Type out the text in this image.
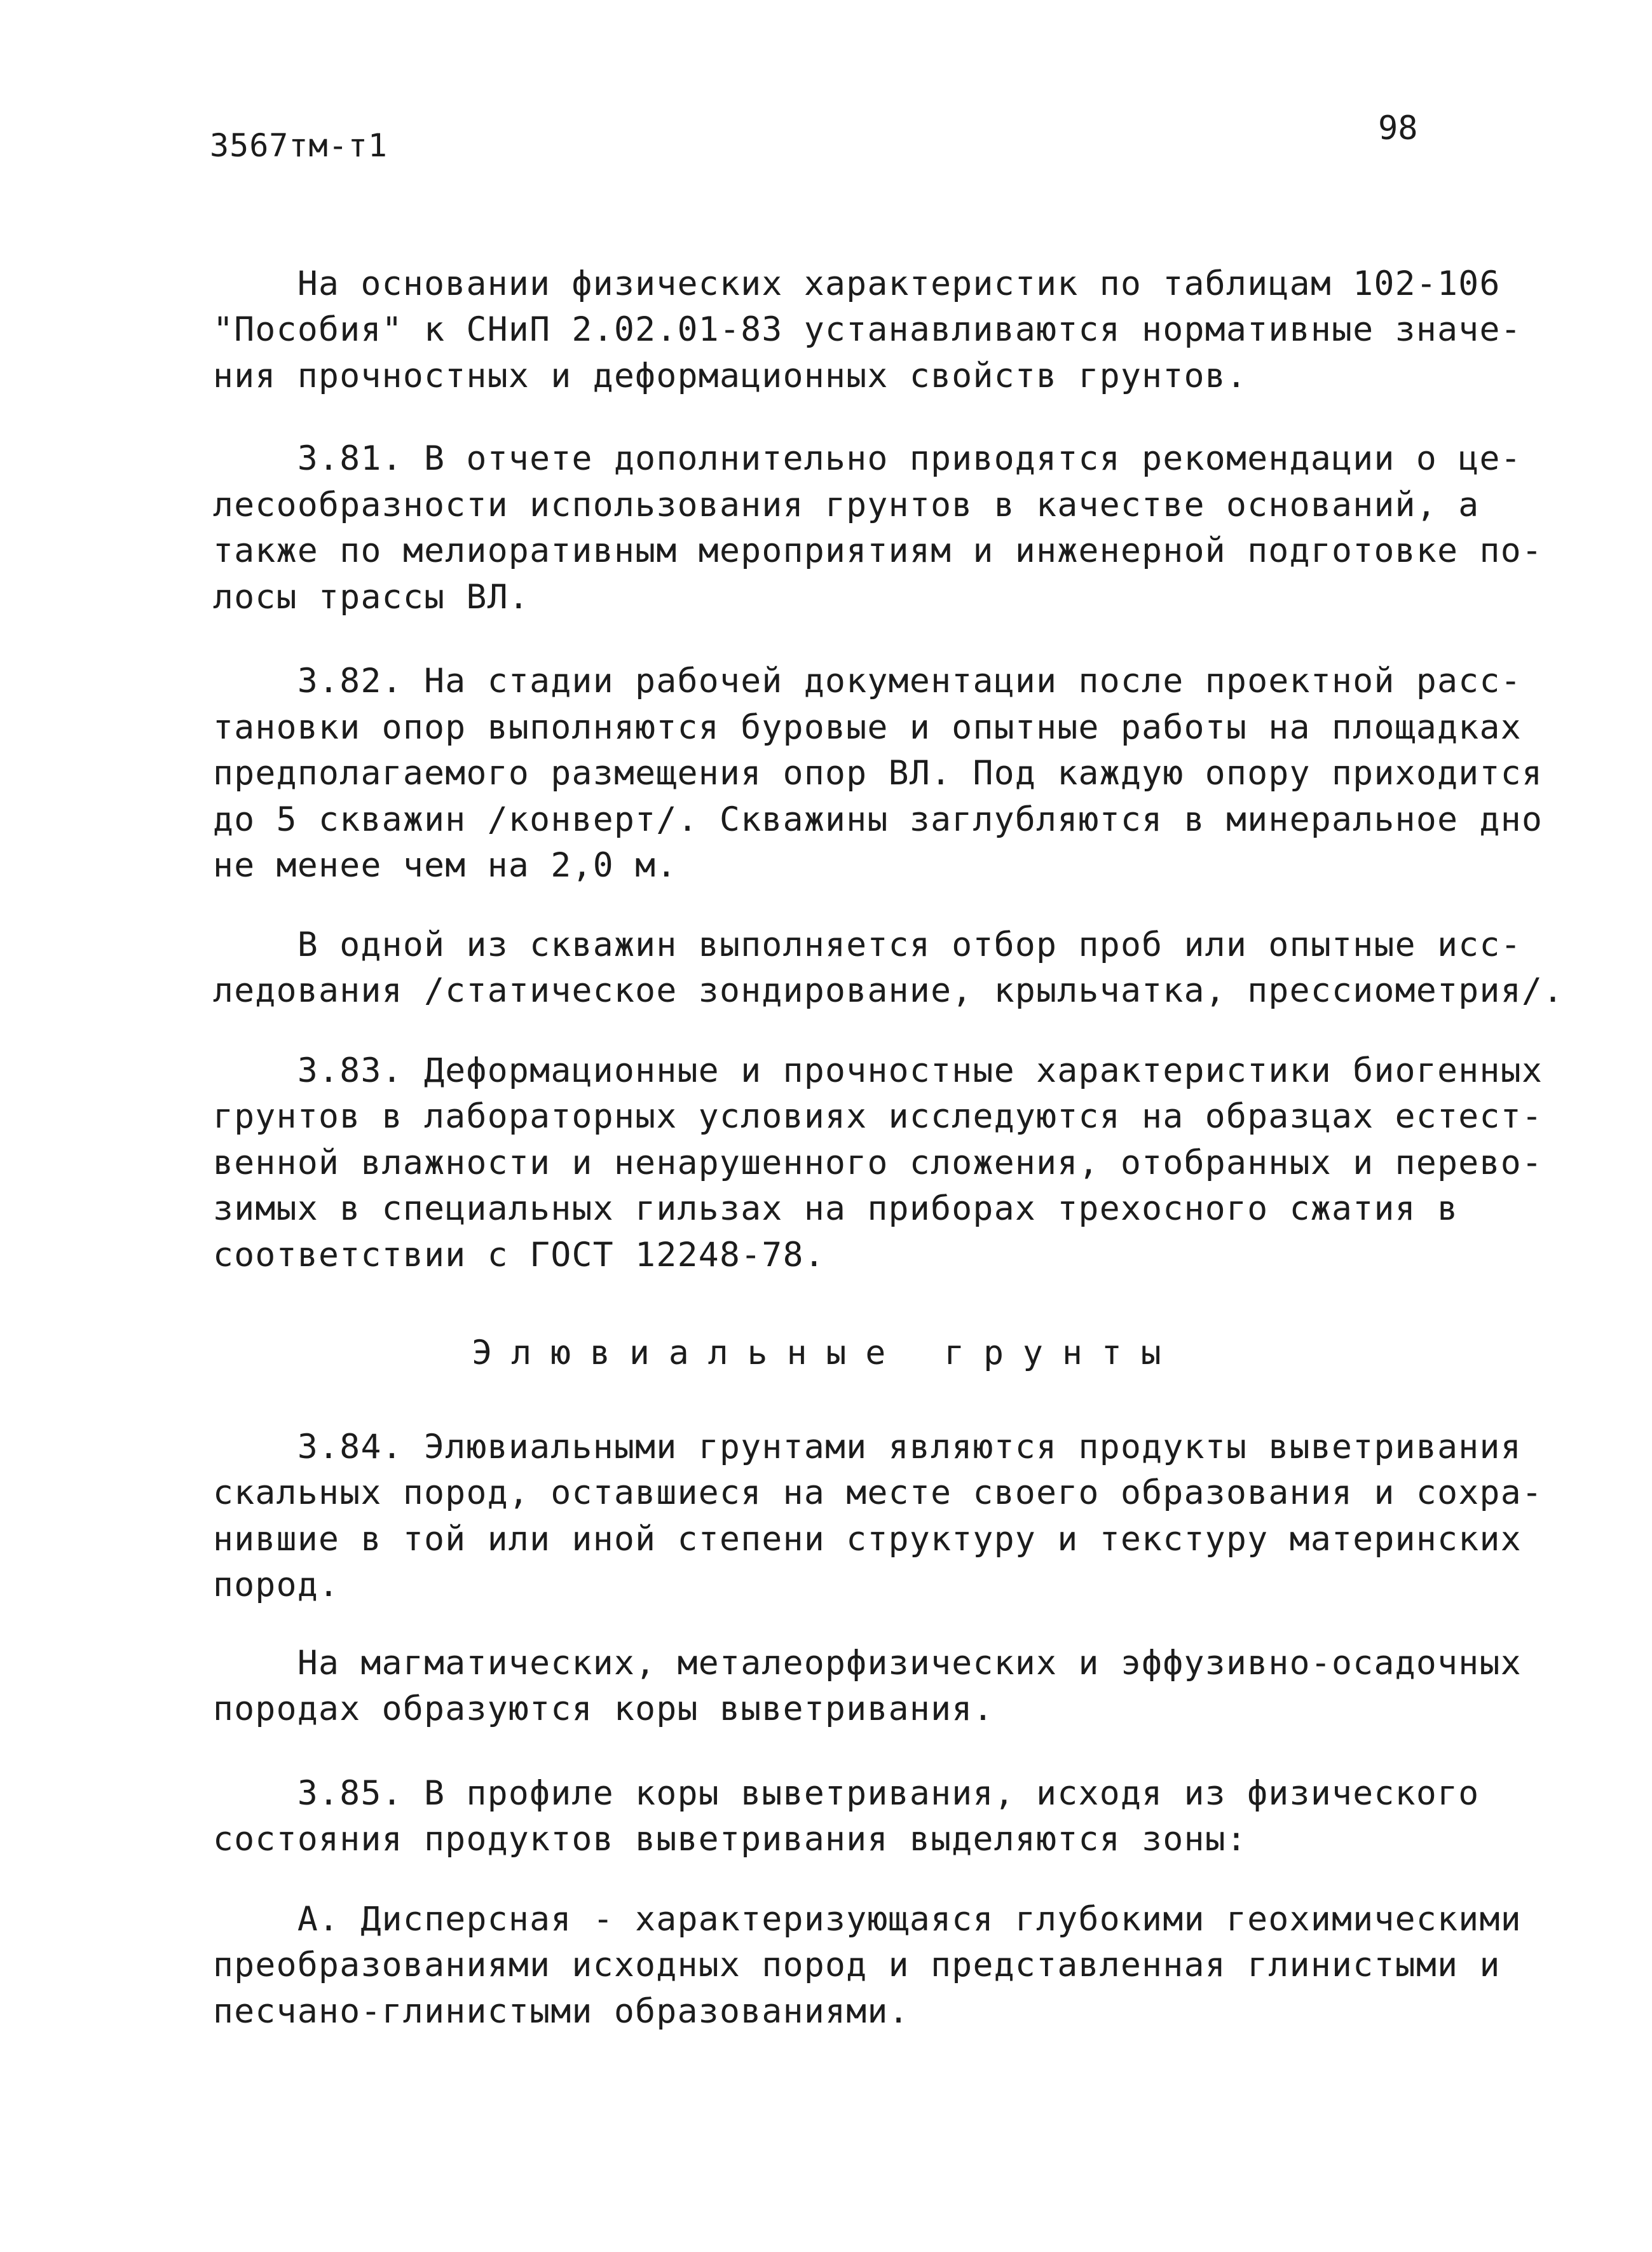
3567тм-т1	98
На основании физических характеристик по таблицам 102-106
"Пособия" к СНиП 2.02.01-83 устанавливаются нормативные значе-
ния прочностных и деформационных свойств грунтов.
3.81. В отчете дополнительно приводятся рекомендации о це-
лесообразности использования грунтов в качестве оснований, а
также по мелиоративным мероприятиям и инженерной подготовке по-
лосы трассы ВЛ.
3.82. На стадии рабочей документации после проектной расс-
тановки опор выполняются буровые и опытные работы на площадках
предполагаемого размещения опор ВЛ. Под каждую опору приходится
до 5 скважин /конверт/. Скважины заглубляются в минеральное дно
не менее чем на 2,0 м.
В одной из скважин выполняется отбор проб или опытные исс-
ледования /статическое зондирование, крыльчатка, прессиометрия/.
3.83. Деформационные и прочностные характеристики биогенных
грунтов в лабораторных условиях исследуются на образцах естест-
венной влажности и ненарушенного сложения, отобранных и перево-
зимых в специальных гильзах на приборах трехосного сжатия в
соответствии с ГОСТ 12248-78.
Элювиальные грунты
3.84. Элювиальными грунтами являются продукты выветривания
скальных пород, оставшиеся на месте своего образования и сохра-
нившие в той или иной степени структуру и текстуру материнских
пород.
На магматических, металеорфизических и эффузивно-осадочных
породах образуются коры выветривания.
3.85. В профиле коры выветривания, исходя из физического
состояния продуктов выветривания выделяются зоны:
А. Дисперсная - характеризующаяся глубокими геохимическими
преобразованиями исходных пород и представленная глинистыми и
песчано-глинистыми образованиями.
